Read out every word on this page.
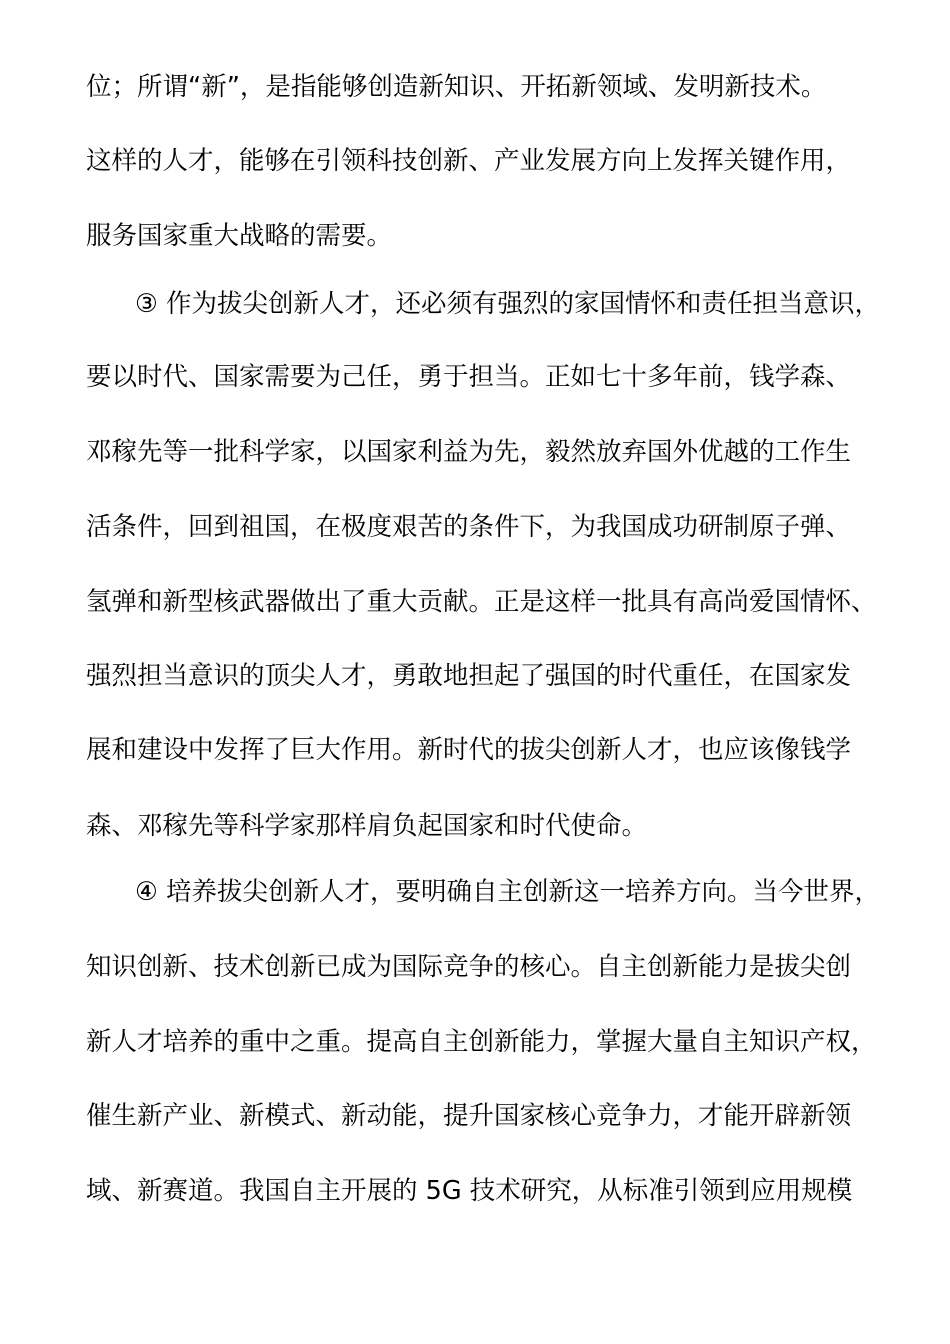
位；所谓“新”，是指能够创造新知识、开拓新领域、发明新技术。
这样的人才，能够在引领科技创新、产业发展方向上发挥关键作用，
服务国家重大战略的需要。
③ 作为拔尖创新人才，还必须有强烈的家国情怀和责任担当意识，
要以时代、国家需要为己任，勇于担当。正如七十多年前，钱学森、
邓稼先等一批科学家，以国家利益为先，毅然放弃国外优越的工作生
活条件，回到祖国，在极度艰苦的条件下，为我国成功研制原子弹、
氢弹和新型核武器做出了重大贡献。正是这样一批具有高尚爱国情怀、
强烈担当意识的顶尖人才，勇敢地担起了强国的时代重任，在国家发
展和建设中发挥了巨大作用。新时代的拔尖创新人才，也应该像钱学
森、邓稼先等科学家那样肩负起国家和时代使命。
④ 培养拔尖创新人才，要明确自主创新这一培养方向。当今世界，
知识创新、技术创新已成为国际竞争的核心。自主创新能力是拔尖创
新人才培养的重中之重。提高自主创新能力，掌握大量自主知识产权，
催生新产业、新模式、新动能，提升国家核心竞争力，才能开辟新领
域、新赛道。我国自主开展的 5G 技术研究，从标准引领到应用规模
